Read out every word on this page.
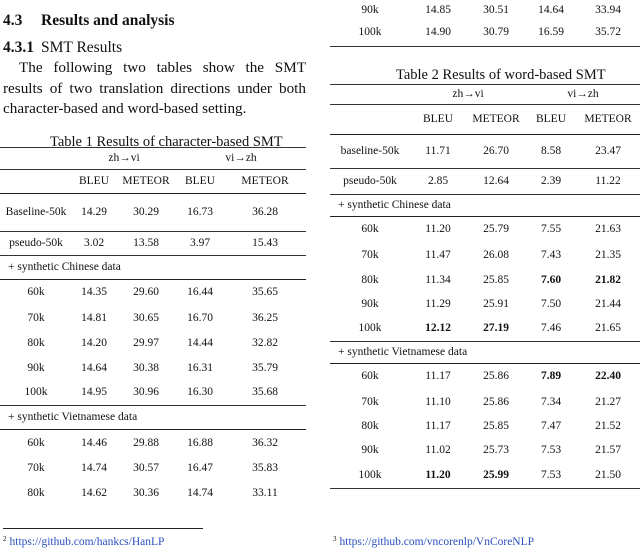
4.3 Results and analysis
4.3.1 SMT Results
The following two tables show the SMT results of two translation directions under both character-based and word-based setting.
Table 1 Results of character-based SMT
	zh→vi		vi→zh	
	BLEU	METEOR	BLEU	METEOR
Baseline-50k	14.29	30.29	16.73	36.28
pseudo-50k	3.02	13.58	3.97	15.43
+ synthetic Chinese data				
60k	14.35	29.60	16.44	35.65
70k	14.81	30.65	16.70	36.25
80k	14.20	29.97	14.44	32.82
90k	14.64	30.38	16.31	35.79
100k	14.95	30.96	16.30	35.68
+ synthetic Vietnamese data				
60k	14.46	29.88	16.88	36.32
70k	14.74	30.57	16.47	35.83
80k	14.62	30.36	14.74	33.11
$^2$ https://github.com/hankcs/HanLP
90k	14.85	30.51	14.64	33.94
100k	14.90	30.79	16.59	35.72
Table 2 Results of word-based SMT
	zh→vi		vi→zh	
	BLEU	METEOR	BLEU	METEOR
baseline-50k	11.71	26.70	8.58	23.47
pseudo-50k	2.85	12.64	2.39	11.22
+ synthetic Chinese data				
60k	11.20	25.79	7.55	21.63
70k	11.47	26.08	7.43	21.35
80k	11.34	25.85	7.60	21.82
90k	11.29	25.91	7.50	21.44
100k	12.12	27.19	7.46	21.65
+ synthetic Vietnamese data				
60k	11.17	25.86	7.89	22.40
70k	11.10	25.86	7.34	21.27
80k	11.17	25.85	7.47	21.52
90k	11.02	25.73	7.53	21.57
100k	11.20	25.99	7.53	21.50
$^3$ https://github.com/vncorenlp/VnCoreNLP
